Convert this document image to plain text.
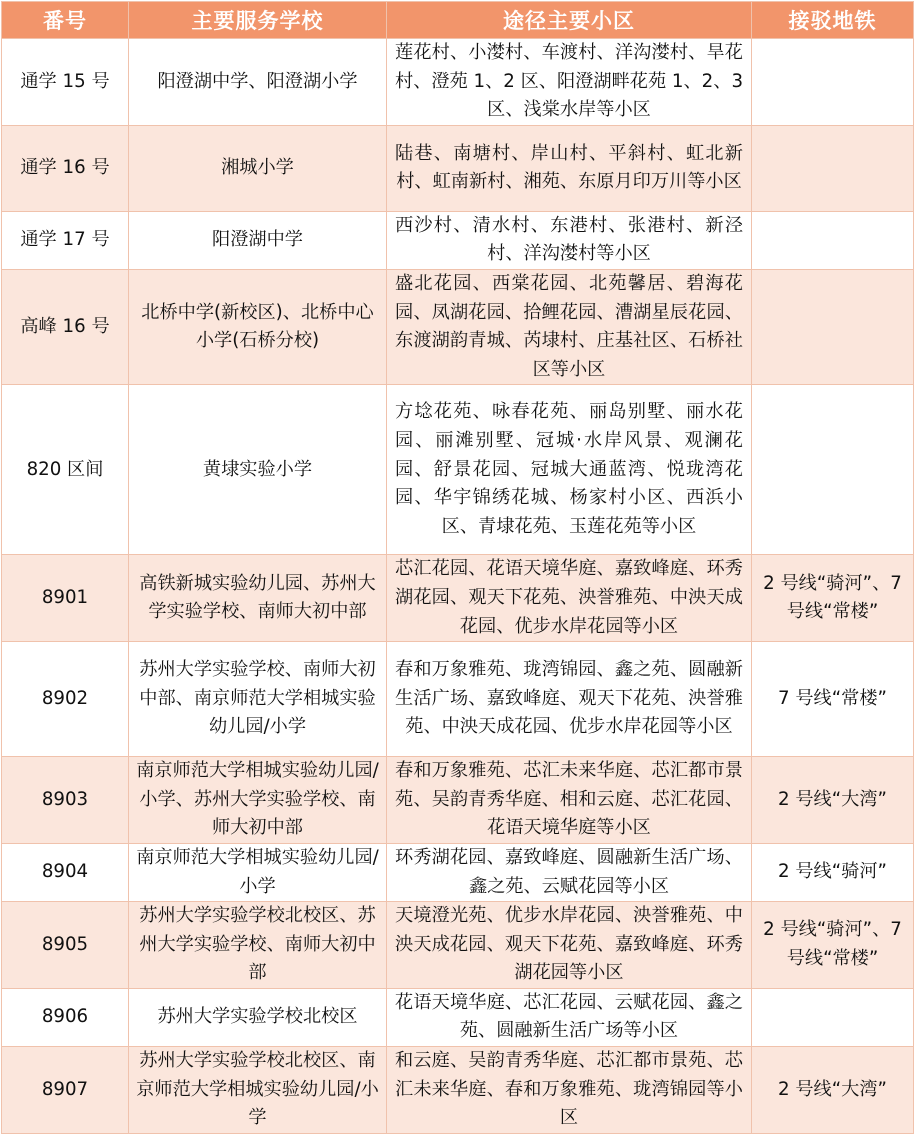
番号	主要服务学校	途径主要小区	接驳地铁
通学 15 号	阳澄湖中学、阳澄湖小学	莲花村、小漤村、车渡村、洋沟漤村、旱花村、澄苑 1、2 区、阳澄湖畔花苑 1、2、3 区、浅棠水岸等小区	
通学 16 号	湘城小学	陆巷、南塘村、岸山村、平斜村、虹北新村、虹南新村、湘苑、东原月印万川等小区	
通学 17 号	阳澄湖中学	西沙村、清水村、东港村、张港村、新泾村、洋沟漤村等小区	
高峰 16 号	北桥中学(新校区)、北桥中心小学(石桥分校)	盛北花园、西棠花园、北苑馨居、碧海花园、凤湖花园、拾鲤花园、漕湖星辰花园、东渡湖韵青城、芮埭村、庄基社区、石桥社区等小区	
820 区间	黄埭实验小学	方埝花苑、咏春花苑、丽岛别墅、丽水花园、丽滩别墅、冠城·水岸风景、观澜花园、舒景花园、冠城大通蓝湾、悦珑湾花园、华宇锦绣花城、杨家村小区、西浜小区、青埭花苑、玉莲花苑等小区	
8901	高铁新城实验幼儿园、苏州大学实验学校、南师大初中部	芯汇花园、花语天境华庭、嘉致峰庭、环秀湖花园、观天下花苑、泱誉雅苑、中泱天成花园、优步水岸花园等小区	2 号线“骑河”、7 号线“常楼”
8902	苏州大学实验学校、南师大初中部、南京师范大学相城实验幼儿园/小学	春和万象雅苑、珑湾锦园、鑫之苑、圆融新生活广场、嘉致峰庭、观天下花苑、泱誉雅苑、中泱天成花园、优步水岸花园等小区	7 号线“常楼”
8903	南京师范大学相城实验幼儿园/小学、苏州大学实验学校、南师大初中部	春和万象雅苑、芯汇未来华庭、芯汇都市景苑、吴韵青秀华庭、相和云庭、芯汇花园、花语天境华庭等小区	2 号线“大湾”
8904	南京师范大学相城实验幼儿园/小学	环秀湖花园、嘉致峰庭、圆融新生活广场、鑫之苑、云赋花园等小区	2 号线“骑河”
8905	苏州大学实验学校北校区、苏州大学实验学校、南师大初中部	天境澄光苑、优步水岸花园、泱誉雅苑、中泱天成花园、观天下花苑、嘉致峰庭、环秀湖花园等小区	2 号线“骑河”、7 号线“常楼”
8906	苏州大学实验学校北校区	花语天境华庭、芯汇花园、云赋花园、鑫之苑、圆融新生活广场等小区	
8907	苏州大学实验学校北校区、南京师范大学相城实验幼儿园/小学	和云庭、吴韵青秀华庭、芯汇都市景苑、芯汇未来华庭、春和万象雅苑、珑湾锦园等小区	2 号线“大湾”
